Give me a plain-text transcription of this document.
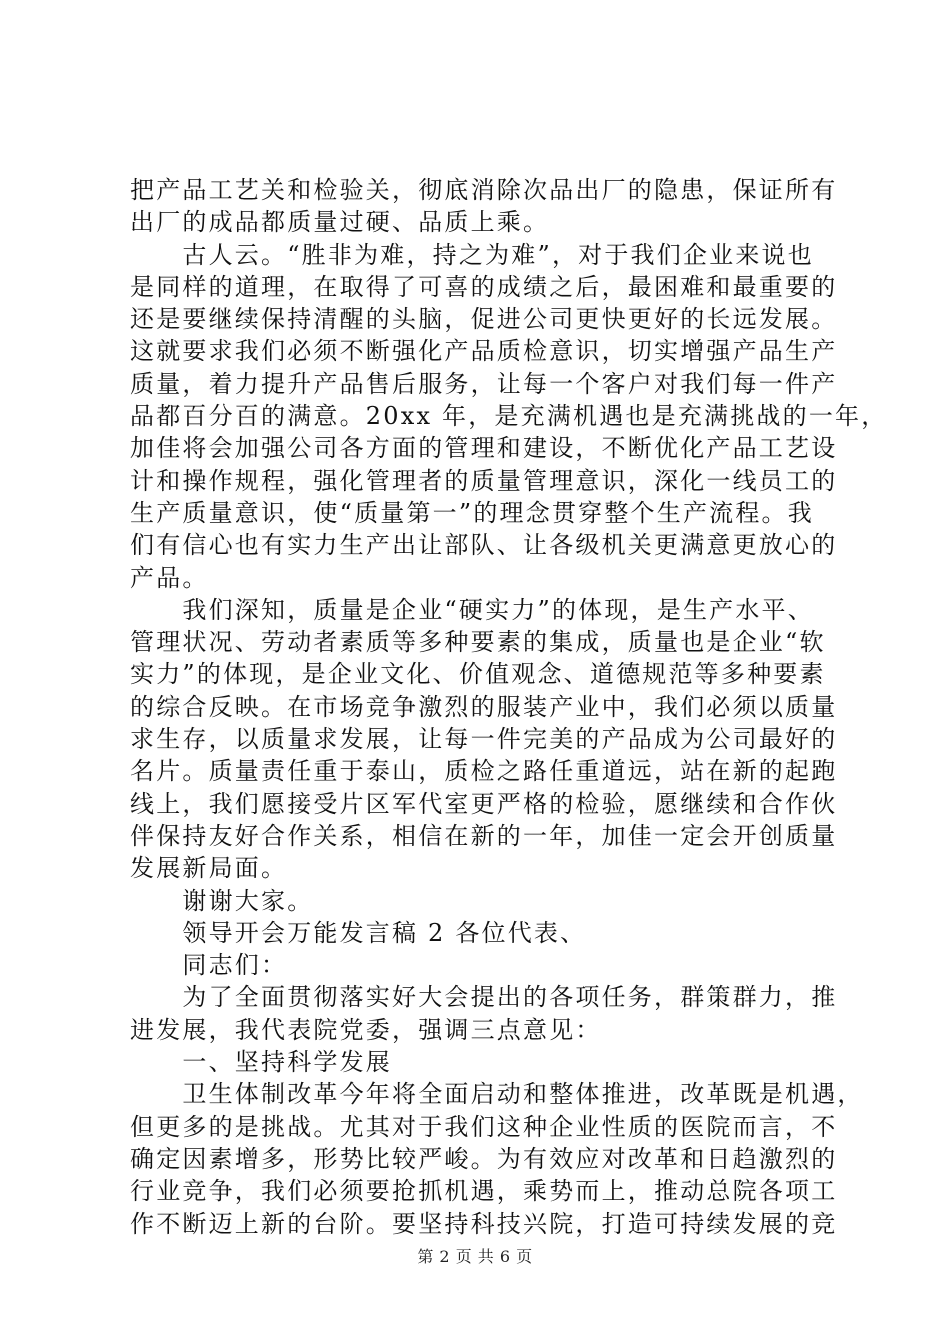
把产品工艺关和检验关，彻底消除次品出厂的隐患，保证所有
出厂的成品都质量过硬、品质上乘。
　　古人云。“胜非为难，持之为难”，对于我们企业来说也
是同样的道理，在取得了可喜的成绩之后，最困难和最重要的
还是要继续保持清醒的头脑，促进公司更快更好的长远发展。
这就要求我们必须不断强化产品质检意识，切实增强产品生产
质量，着力提升产品售后服务，让每一个客户对我们每一件产
品都百分百的满意。20xx 年，是充满机遇也是充满挑战的一年，
加佳将会加强公司各方面的管理和建设，不断优化产品工艺设
计和操作规程，强化管理者的质量管理意识，深化一线员工的
生产质量意识，使“质量第一”的理念贯穿整个生产流程。我
们有信心也有实力生产出让部队、让各级机关更满意更放心的
产品。
　　我们深知，质量是企业“硬实力”的体现，是生产水平、
管理状况、劳动者素质等多种要素的集成，质量也是企业“软
实力”的体现，是企业文化、价值观念、道德规范等多种要素
的综合反映。在市场竞争激烈的服装产业中，我们必须以质量
求生存，以质量求发展，让每一件完美的产品成为公司最好的
名片。质量责任重于泰山，质检之路任重道远，站在新的起跑
线上，我们愿接受片区军代室更严格的检验，愿继续和合作伙
伴保持友好合作关系，相信在新的一年，加佳一定会开创质量
发展新局面。
　　谢谢大家。
　　领导开会万能发言稿 2 各位代表、
　　同志们：
　　为了全面贯彻落实好大会提出的各项任务，群策群力，推
进发展，我代表院党委，强调三点意见：
　　一、坚持科学发展
　　卫生体制改革今年将全面启动和整体推进，改革既是机遇，
但更多的是挑战。尤其对于我们这种企业性质的医院而言，不
确定因素增多，形势比较严峻。为有效应对改革和日趋激烈的
行业竞争，我们必须要抢抓机遇，乘势而上，推动总院各项工
作不断迈上新的台阶。要坚持科技兴院，打造可持续发展的竞
第 2 页 共 6 页
